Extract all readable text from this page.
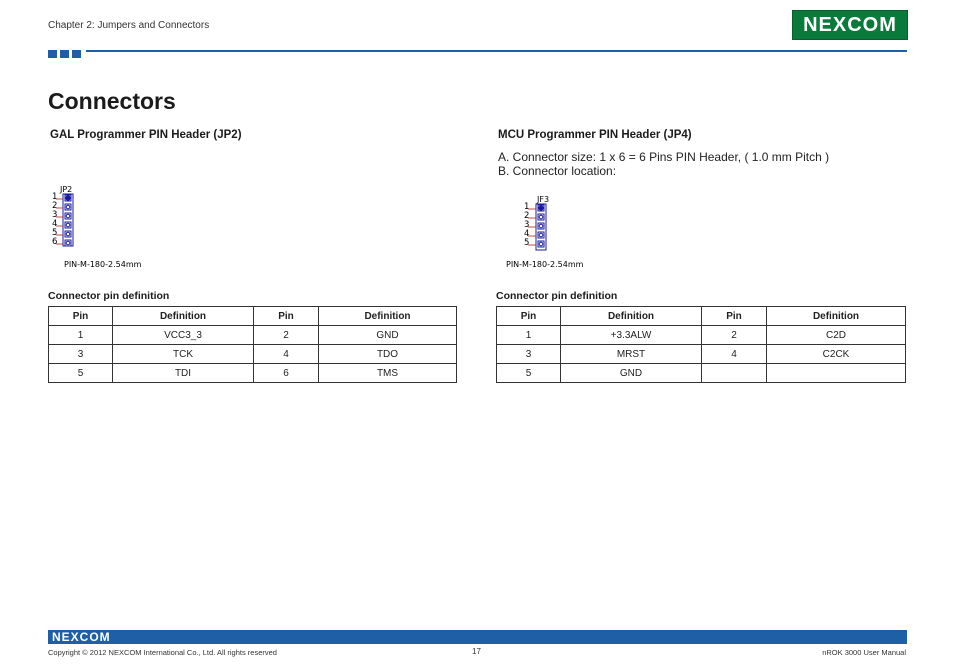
Chapter 2: Jumpers and Connectors	NEXCOM
Connectors
GAL Programmer PIN Header (JP2)
JP2
1
2
3
4
5
6
PIN-M-180-2.54mm
Connector pin definition
Pin	Definition	Pin	Definition
1	VCC3_3	2	GND
3	TCK	4	TDO
5	TDI	6	TMS
MCU Programmer PIN Header (JP4)
A. Connector size: 1 x 6 = 6 Pins PIN Header, ( 1.0 mm Pitch )
B. Connector location:
JF3
1
2
3
4
5
PIN-M-180-2.54mm
Connector pin definition
Pin	Definition	Pin	Definition
1	+3.3ALW	2	C2D
3	MRST	4	C2CK
5	GND		
NEXCOM
Copyright © 2012 NEXCOM International Co., Ltd. All rights reserved	17	nROK 3000 User Manual
